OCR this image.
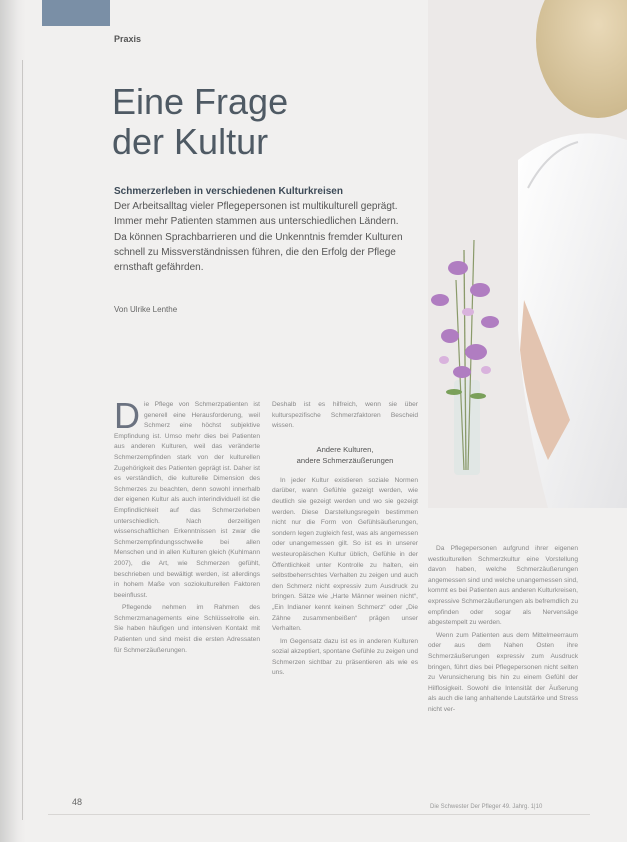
Praxis
Eine Frage
der Kultur
Schmerzerleben in verschiedenen Kulturkreisen
Der Arbeitsalltag vieler Pflegepersonen ist multikulturell geprägt. Immer mehr Patienten stammen aus unterschiedlichen Ländern. Da können Sprachbarrieren und die Unkenntnis fremder Kulturen schnell zu Missverständnissen führen, die den Erfolg der Pflege ernsthaft gefährden.
Von Ulrike Lenthe
D ie Pflege von Schmerzpatienten ist generell eine Herausforderung, weil Schmerz eine höchst subjektive Empfindung ist. Umso mehr dies bei Patienten aus anderen Kulturen, weil das veränderte Schmerzempfinden stark von der kulturellen Zugehörigkeit des Patienten geprägt ist. Daher ist es verständlich, die kulturelle Dimension des Schmerzes zu beachten, denn sowohl innerhalb der eigenen Kultur als auch interindividuell ist die Empfindlichkeit auf das Schmerzerleben unterschiedlich. Nach derzeitigen wissenschaftlichen Erkenntnissen ist zwar die Schmerzempfindungsschwelle bei allen Menschen und in allen Kulturen gleich (Kuhlmann 2007), die Art, wie Schmerzen gefühlt, beschrieben und bewältigt werden, ist allerdings in hohem Maße von soziokulturellen Faktoren beeinflusst.
Pflegende nehmen im Rahmen des Schmerzmanagements eine Schlüsselrolle ein. Sie haben häufigen und intensiven Kontakt mit Patienten und sind meist die ersten Adressaten für Schmerzäußerungen.
Deshalb ist es hilfreich, wenn sie über kulturspezifische Schmerzfaktoren Bescheid wissen.
Andere Kulturen,
andere Schmerzäußerungen
In jeder Kultur existieren soziale Normen darüber, wann Gefühle gezeigt werden, wie deutlich sie gezeigt werden und wo sie gezeigt werden. Diese Darstellungsregeln bestimmen nicht nur die Form von Gefühlsäußerungen, sondern legen zugleich fest, was als angemessen oder unangemessen gilt. So ist es in unserer westeuropäischen Kultur üblich, Gefühle in der Öffentlichkeit unter Kontrolle zu halten, ein selbstbeherrschtes Verhalten zu zeigen und auch den Schmerz nicht expressiv zum Ausdruck zu bringen. Sätze wie „Harte Männer weinen nicht“, „Ein Indianer kennt keinen Schmerz“ oder „Die Zähne zusammenbeißen“ prägen unser Verhalten.
Im Gegensatz dazu ist es in anderen Kulturen sozial akzeptiert, spontane Gefühle zu zeigen und Schmerzen sichtbar zu präsentieren als wie es uns.
Da Pflegepersonen aufgrund ihrer eigenen westkulturellen Schmerzkultur eine Vorstellung davon haben, welche Schmerzäußerungen angemessen sind und welche unangemessen sind, kommt es bei Patienten aus anderen Kulturkreisen, expressive Schmerzäußerungen als befremdlich zu empfinden oder sogar als Nervensäge abgestempelt zu werden.
Wenn zum Patienten aus dem Mittelmeerraum oder aus dem Nahen Osten ihre Schmerzäußerungen expressiv zum Ausdruck bringen, führt dies bei Pflegepersonen nicht selten zu Verunsicherung bis hin zu einem Gefühl der Hilflosigkeit. Sowohl die Intensität der Äußerung als auch die lang anhaltende Lautstärke und Stress nicht ver-
48	Die Schwester Der Pfleger 49. Jahrg. 1|10
